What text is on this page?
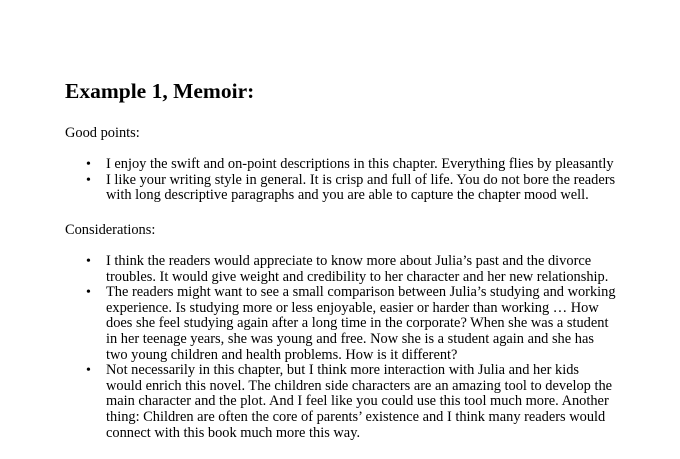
Example 1, Memoir:

Good points:

• I enjoy the swift and on-point descriptions in this chapter. Everything flies by pleasantly
• I like your writing style in general. It is crisp and full of life. You do not bore the readers with long descriptive paragraphs and you are able to capture the chapter mood well.

Considerations:

• I think the readers would appreciate to know more about Julia’s past and the divorce troubles. It would give weight and credibility to her character and her new relationship.
• The readers might want to see a small comparison between Julia’s studying and working experience. Is studying more or less enjoyable, easier or harder than working … How does she feel studying again after a long time in the corporate? When she was a student in her teenage years, she was young and free. Now she is a student again and she has two young children and health problems. How is it different?
• Not necessarily in this chapter, but I think more interaction with Julia and her kids would enrich this novel. The children side characters are an amazing tool to develop the main character and the plot. And I feel like you could use this tool much more. Another thing: Children are often the core of parents’ existence and I think many readers would connect with this book much more this way.
